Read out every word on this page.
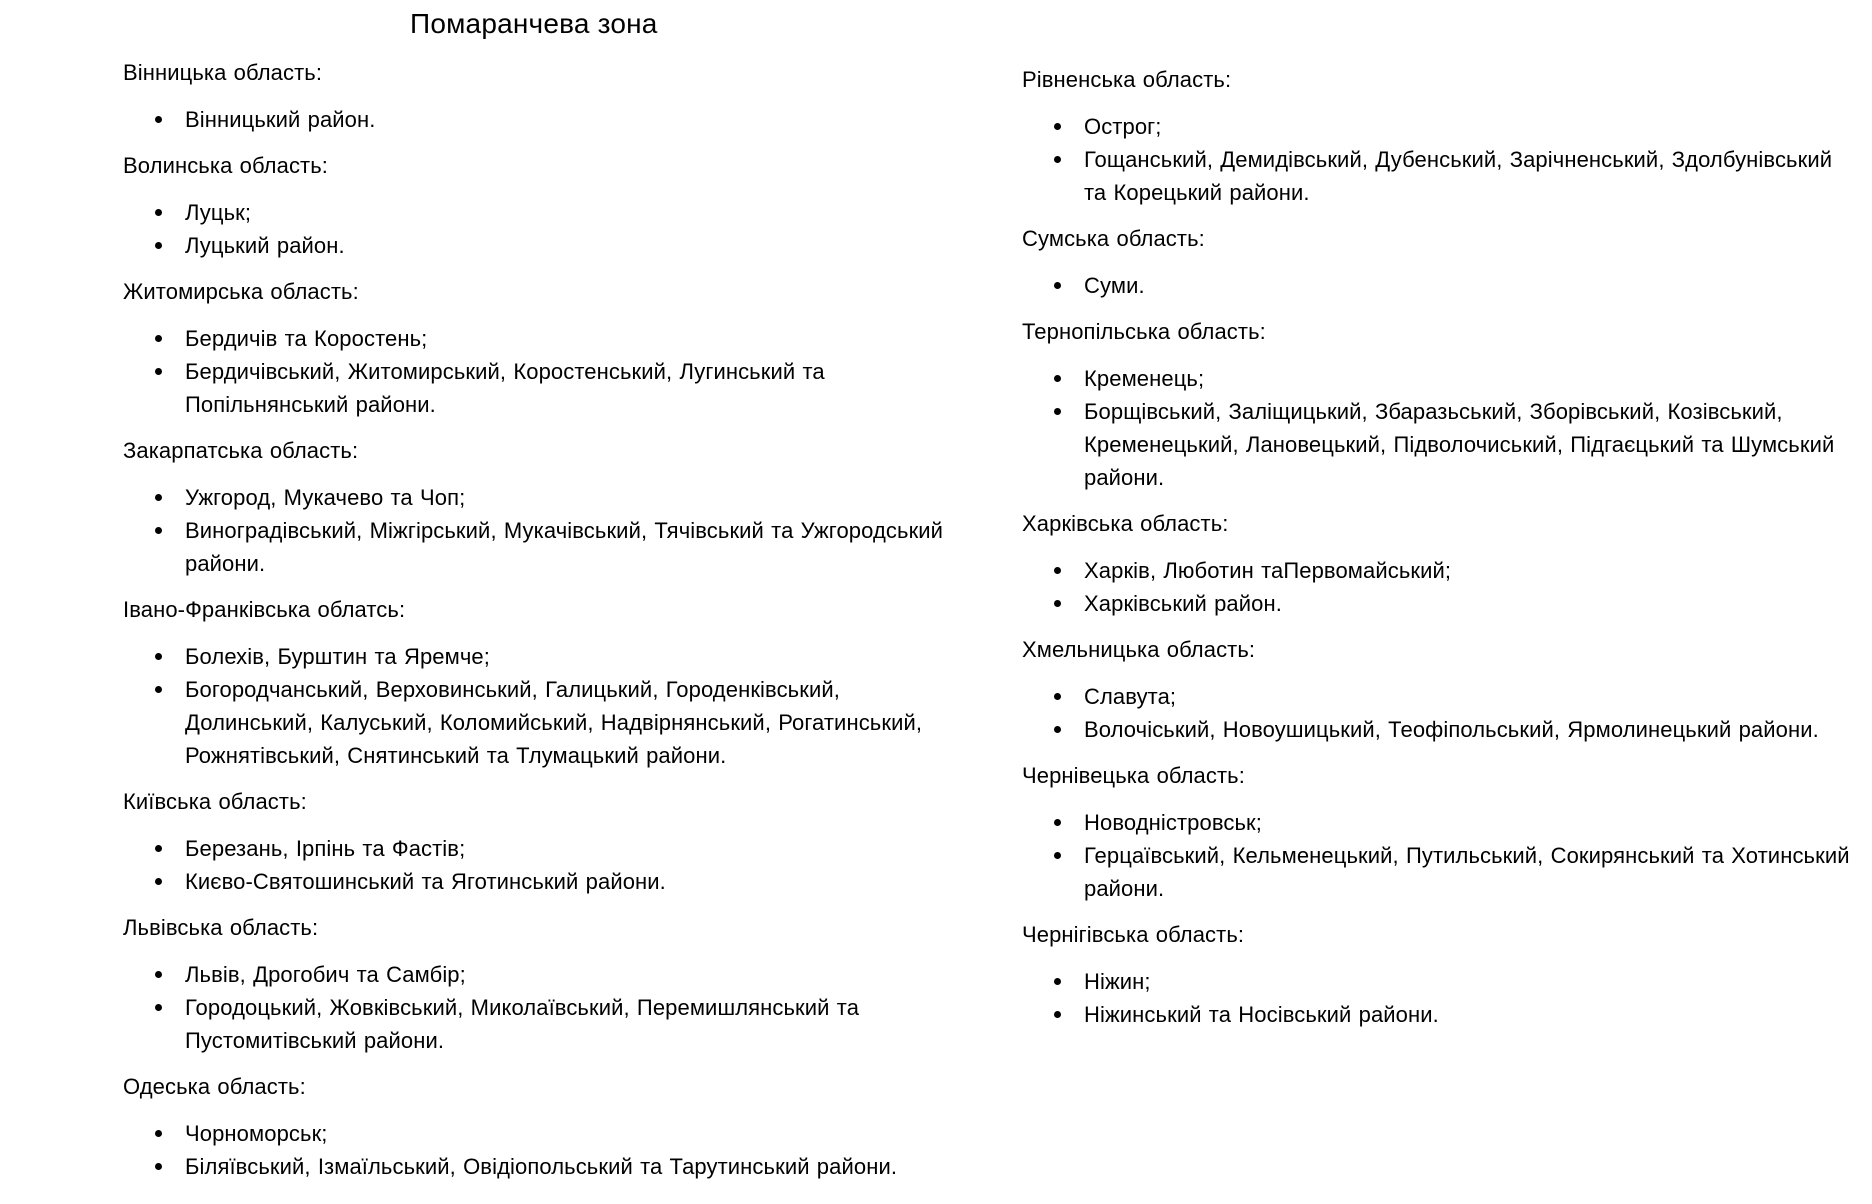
Помаранчева зона
Вінницька область:
Вінницький район.
Волинська область:
Луцьк;
Луцький район.
Житомирська область:
Бердичів та Коростень;
Бердичівський, Житомирський, Коростенський, Лугинський та Попільнянський райони.
Закарпатська область:
Ужгород, Мукачево та Чоп;
Виноградівський, Міжгірський, Мукачівський, Тячівський та Ужгородський райони.
Івано-Франківська облатсь:
Болехів, Бурштин та Яремче;
Богородчанський, Верховинський, Галицький, Городенківський, Долинський, Калуський, Коломийський, Надвірнянський, Рогатинський, Рожнятівський, Снятинський та Тлумацький райони.
Київська область:
Березань, Ірпінь та Фастів;
Києво-Святошинський та Яготинський райони.
Львівська область:
Львів, Дрогобич та Самбір;
Городоцький, Жовківський, Миколаївський, Перемишлянський та Пустомитівський райони.
Одеська область:
Чорноморськ;
Біляївський, Ізмаїльський, Овідіопольський та Тарутинський райони.
Рівненська область:
Острог;
Гощанський, Демидівський, Дубенський, Зарічненський, Здолбунівський та Корецький райони.
Сумська область:
Суми.
Тернопільська область:
Кременець;
Борщівський, Заліщицький, Збаразьський, Зборівський, Козівський, Кременецький, Лановецький, Підволочиський, Підгаєцький та Шумський райони.
Харківська область:
Харків, Люботин таПервомайський;
Харківський район.
Хмельницька область:
Славута;
Волочіський, Новоушицький, Теофіпольський, Ярмолинецький райони.
Чернівецька область:
Новодністровськ;
Герцаївський, Кельменецький, Путильський, Сокирянський та Хотинський райони.
Чернігівська область:
Ніжин;
Ніжинський та Носівський райони.
